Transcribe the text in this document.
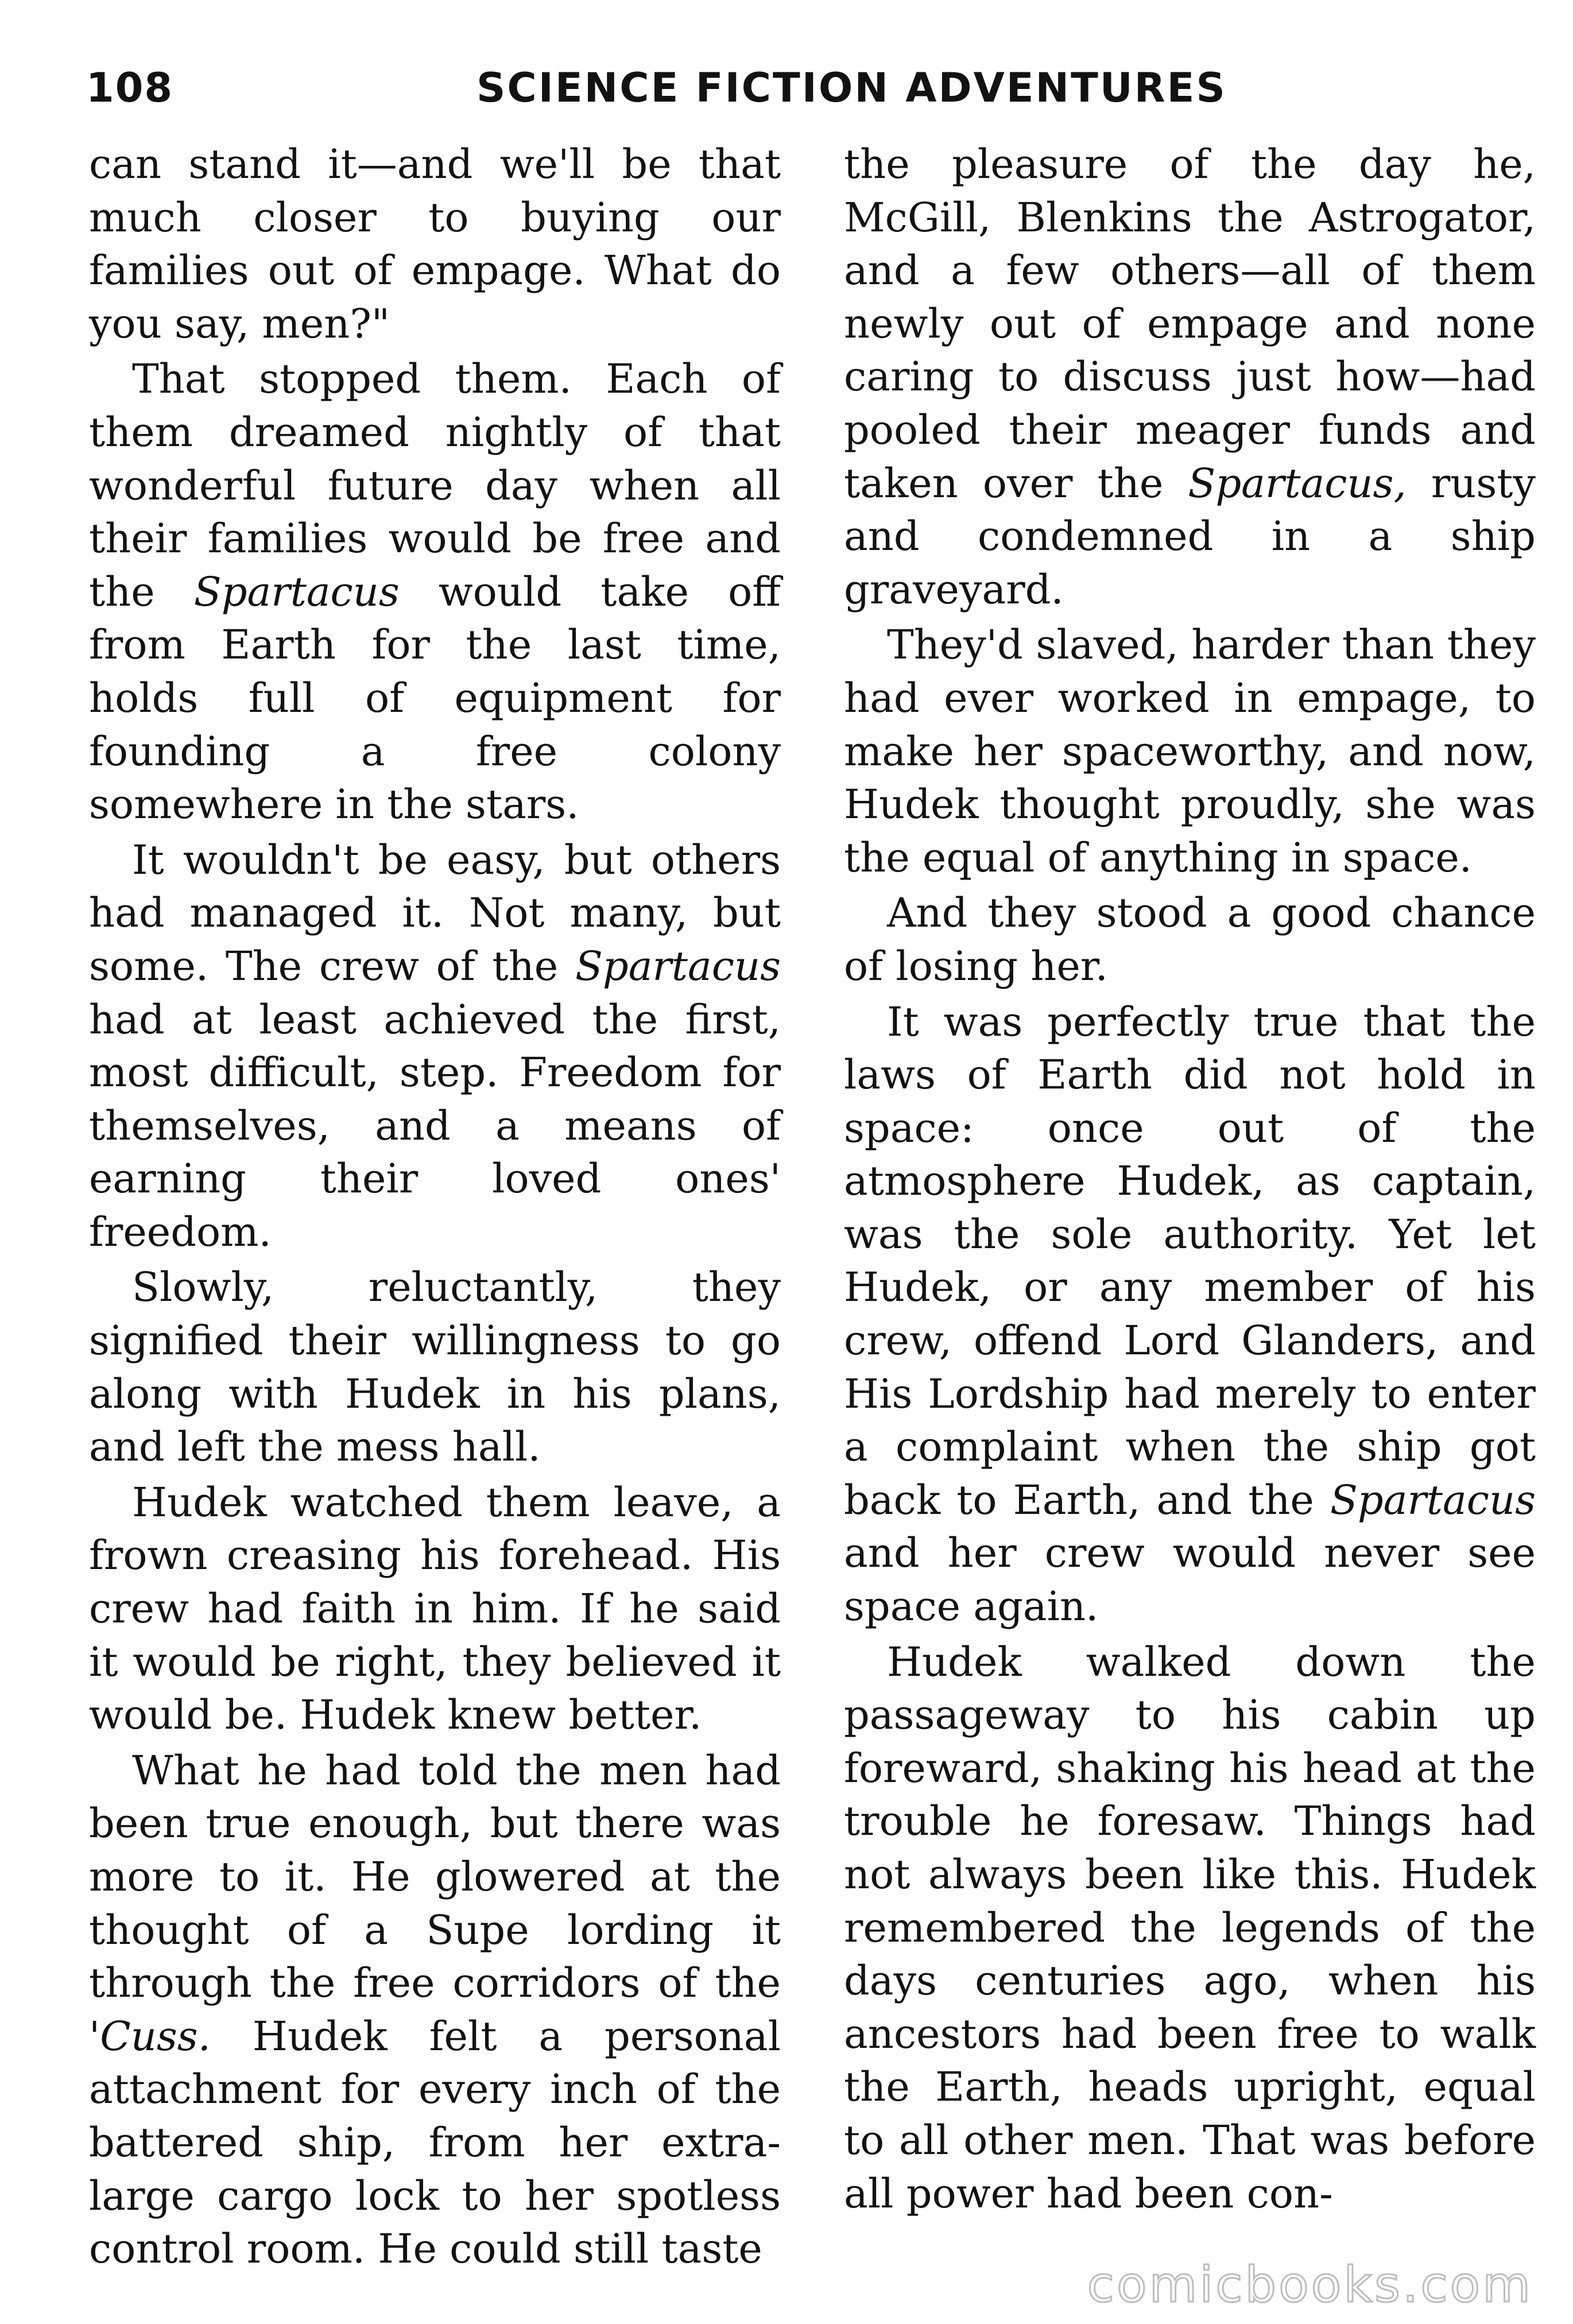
108	SCIENCE FICTION ADVENTURES

can stand it—and we'll be that much closer to buying our families out of empage. What do you say, men?"

That stopped them. Each of them dreamed nightly of that wonderful future day when all their families would be free and the Spartacus would take off from Earth for the last time, holds full of equipment for founding a free colony somewhere in the stars.

It wouldn't be easy, but others had managed it. Not many, but some. The crew of the Spartacus had at least achieved the first, most difficult, step. Freedom for themselves, and a means of earning their loved ones' freedom.

Slowly, reluctantly, they signified their willingness to go along with Hudek in his plans, and left the mess hall.

Hudek watched them leave, a frown creasing his forehead. His crew had faith in him. If he said it would be right, they believed it would be. Hudek knew better.

What he had told the men had been true enough, but there was more to it. He glowered at the thought of a Supe lording it through the free corridors of the 'Cuss. Hudek felt a personal attachment for every inch of the battered ship, from her extra-large cargo lock to her spotless control room. He could still taste

the pleasure of the day he, McGill, Blenkins the Astrogator, and a few others—all of them newly out of empage and none caring to discuss just how—had pooled their meager funds and taken over the Spartacus, rusty and condemned in a ship graveyard.

They'd slaved, harder than they had ever worked in empage, to make her spaceworthy, and now, Hudek thought proudly, she was the equal of anything in space.

And they stood a good chance of losing her.

It was perfectly true that the laws of Earth did not hold in space: once out of the atmosphere Hudek, as captain, was the sole authority. Yet let Hudek, or any member of his crew, offend Lord Glanders, and His Lordship had merely to enter a complaint when the ship got back to Earth, and the Spartacus and her crew would never see space again.

Hudek walked down the passageway to his cabin up foreward, shaking his head at the trouble he foresaw. Things had not always been like this. Hudek remembered the legends of the days centuries ago, when his ancestors had been free to walk the Earth, heads upright, equal to all other men. That was before all power had been con-

comicbooks.com
